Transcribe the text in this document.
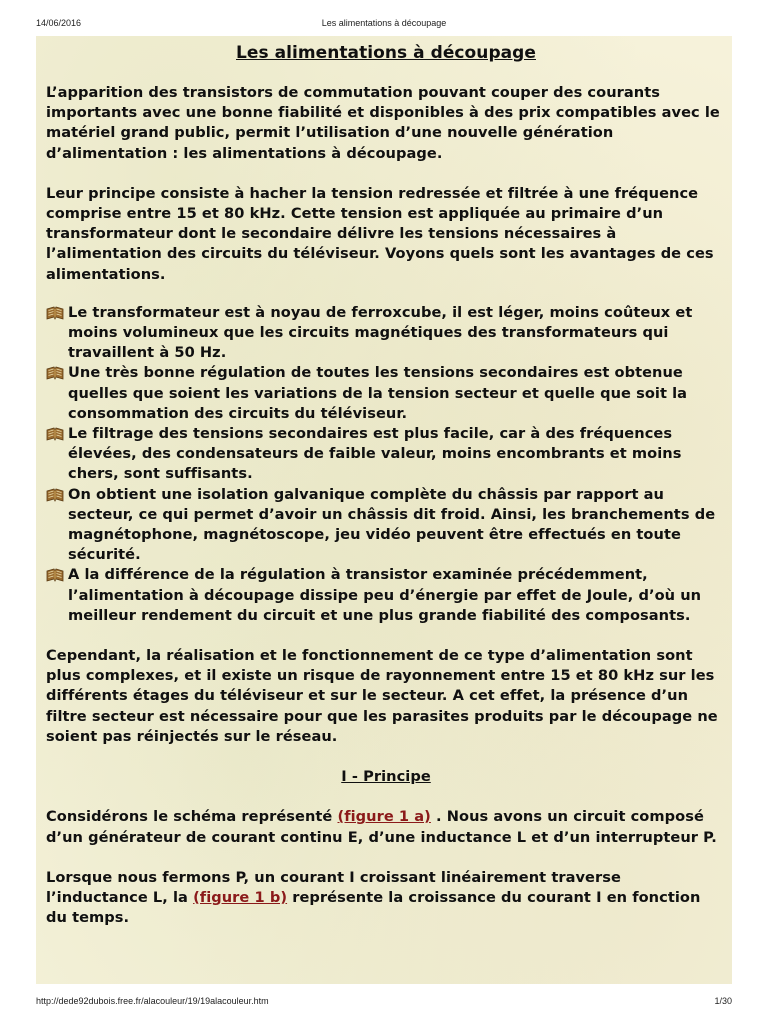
14/06/2016	Les alimentations à découpage
Les alimentations à découpage

L’apparition des transistors de commutation pouvant couper des courants importants avec une bonne fiabilité et disponibles à des prix compatibles avec le matériel grand public, permit l’utilisation d’une nouvelle génération d’alimentation : les alimentations à découpage.

Leur principe consiste à hacher la tension redressée et filtrée à une fréquence comprise entre 15 et 80 kHz. Cette tension est appliquée au primaire d’un transformateur dont le secondaire délivre les tensions nécessaires à l’alimentation des circuits du téléviseur. Voyons quels sont les avantages de ces alimentations.

Le transformateur est à noyau de ferroxcube, il est léger, moins coûteux et moins volumineux que les circuits magnétiques des transformateurs qui travaillent à 50 Hz.
Une très bonne régulation de toutes les tensions secondaires est obtenue quelles que soient les variations de la tension secteur et quelle que soit la consommation des circuits du téléviseur.
Le filtrage des tensions secondaires est plus facile, car à des fréquences élevées, des condensateurs de faible valeur, moins encombrants et moins chers, sont suffisants.
On obtient une isolation galvanique complète du châssis par rapport au secteur, ce qui permet d’avoir un châssis dit froid. Ainsi, les branchements de magnétophone, magnétoscope, jeu vidéo peuvent être effectués en toute sécurité.
A la différence de la régulation à transistor examinée précédemment, l’alimentation à découpage dissipe peu d’énergie par effet de Joule, d’où un meilleur rendement du circuit et une plus grande fiabilité des composants.

Cependant, la réalisation et le fonctionnement de ce type d’alimentation sont plus complexes, et il existe un risque de rayonnement entre 15 et 80 kHz sur les différents étages du téléviseur et sur le secteur. A cet effet, la présence d’un filtre secteur est nécessaire pour que les parasites produits par le découpage ne soient pas réinjectés sur le réseau.

I - Principe

Considérons le schéma représenté (figure 1 a) . Nous avons un circuit composé d’un générateur de courant continu E, d’une inductance L et d’un interrupteur P.

Lorsque nous fermons P, un courant I croissant linéairement traverse l’inductance L, la (figure 1 b) représente la croissance du courant I en fonction du temps.

http://dede92dubois.free.fr/alacouleur/19/19alacouleur.htm	1/30
